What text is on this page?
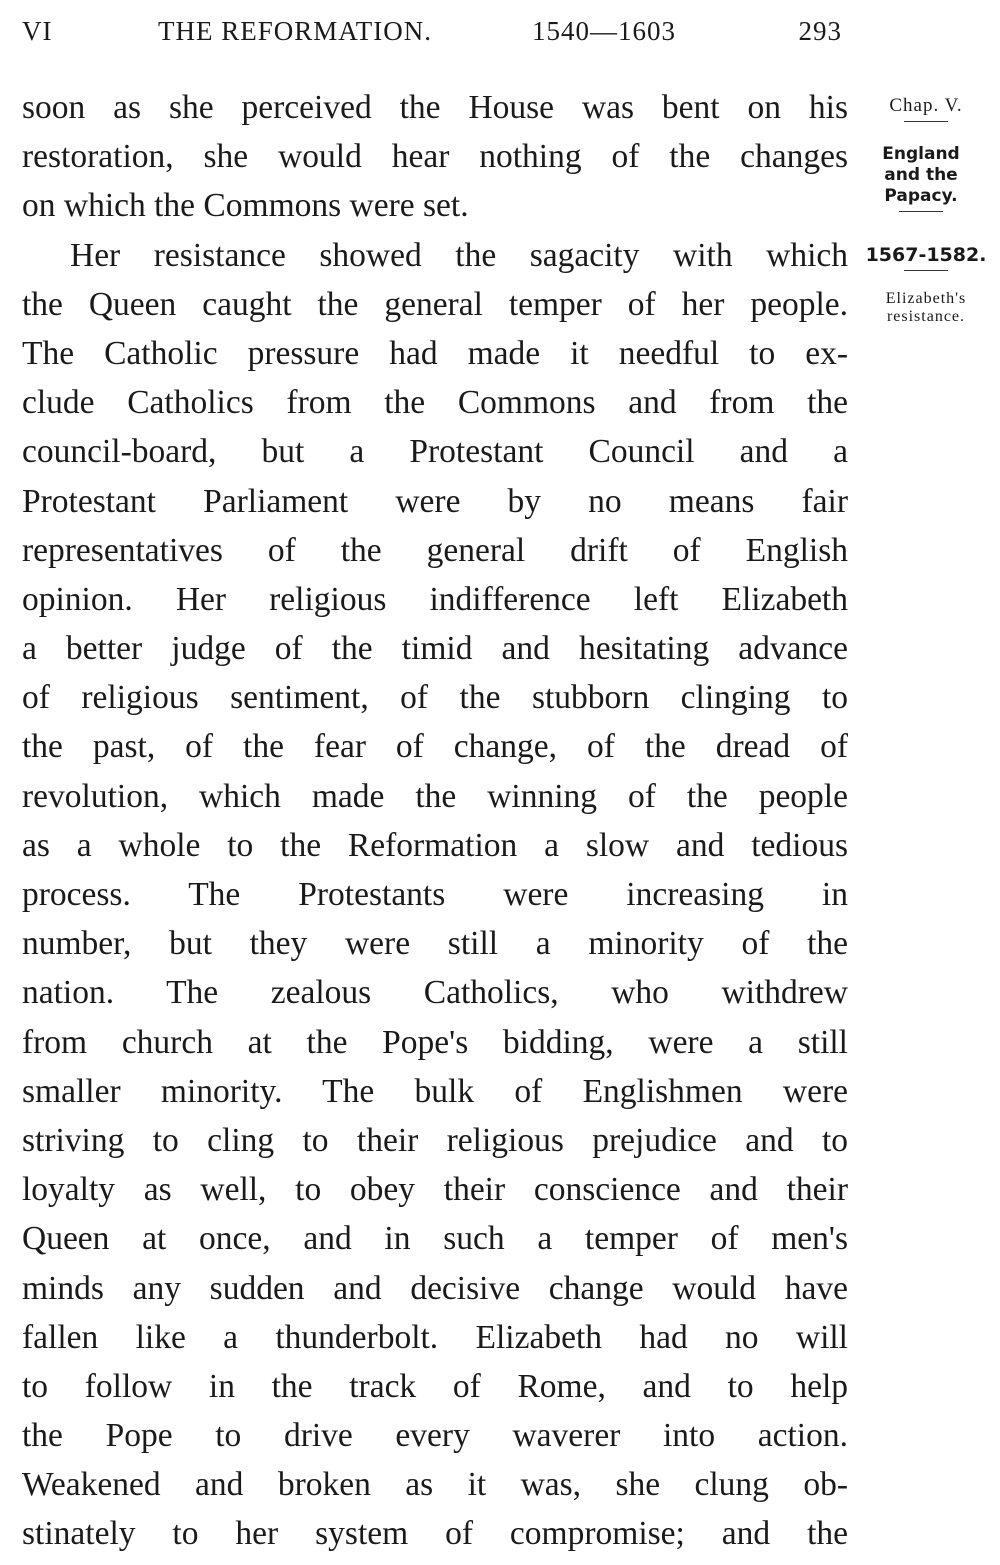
VI	THE REFORMATION.	1540—1603	293
soon as she perceived the House was bent on his
restoration, she would hear nothing of the changes
on which the Commons were set.
Her resistance showed the sagacity with which
the Queen caught the general temper of her people.
The Catholic pressure had made it needful to ex-
clude Catholics from the Commons and from the
council-board, but a Protestant Council and a
Protestant Parliament were by no means fair
representatives of the general drift of English
opinion. Her religious indifference left Elizabeth
a better judge of the timid and hesitating advance
of religious sentiment, of the stubborn clinging to
the past, of the fear of change, of the dread of
revolution, which made the winning of the people
as a whole to the Reformation a slow and tedious
process. The Protestants were increasing in
number, but they were still a minority of the
nation. The zealous Catholics, who withdrew
from church at the Pope's bidding, were a still
smaller minority. The bulk of Englishmen were
striving to cling to their religious prejudice and to
loyalty as well, to obey their conscience and their
Queen at once, and in such a temper of men's
minds any sudden and decisive change would have
fallen like a thunderbolt. Elizabeth had no will
to follow in the track of Rome, and to help
the Pope to drive every waverer into action.
Weakened and broken as it was, she clung ob-
stinately to her system of compromise; and the
Chap. V.
England
and the
Papacy.
1567-1582.
Elizabeth's
resistance.
